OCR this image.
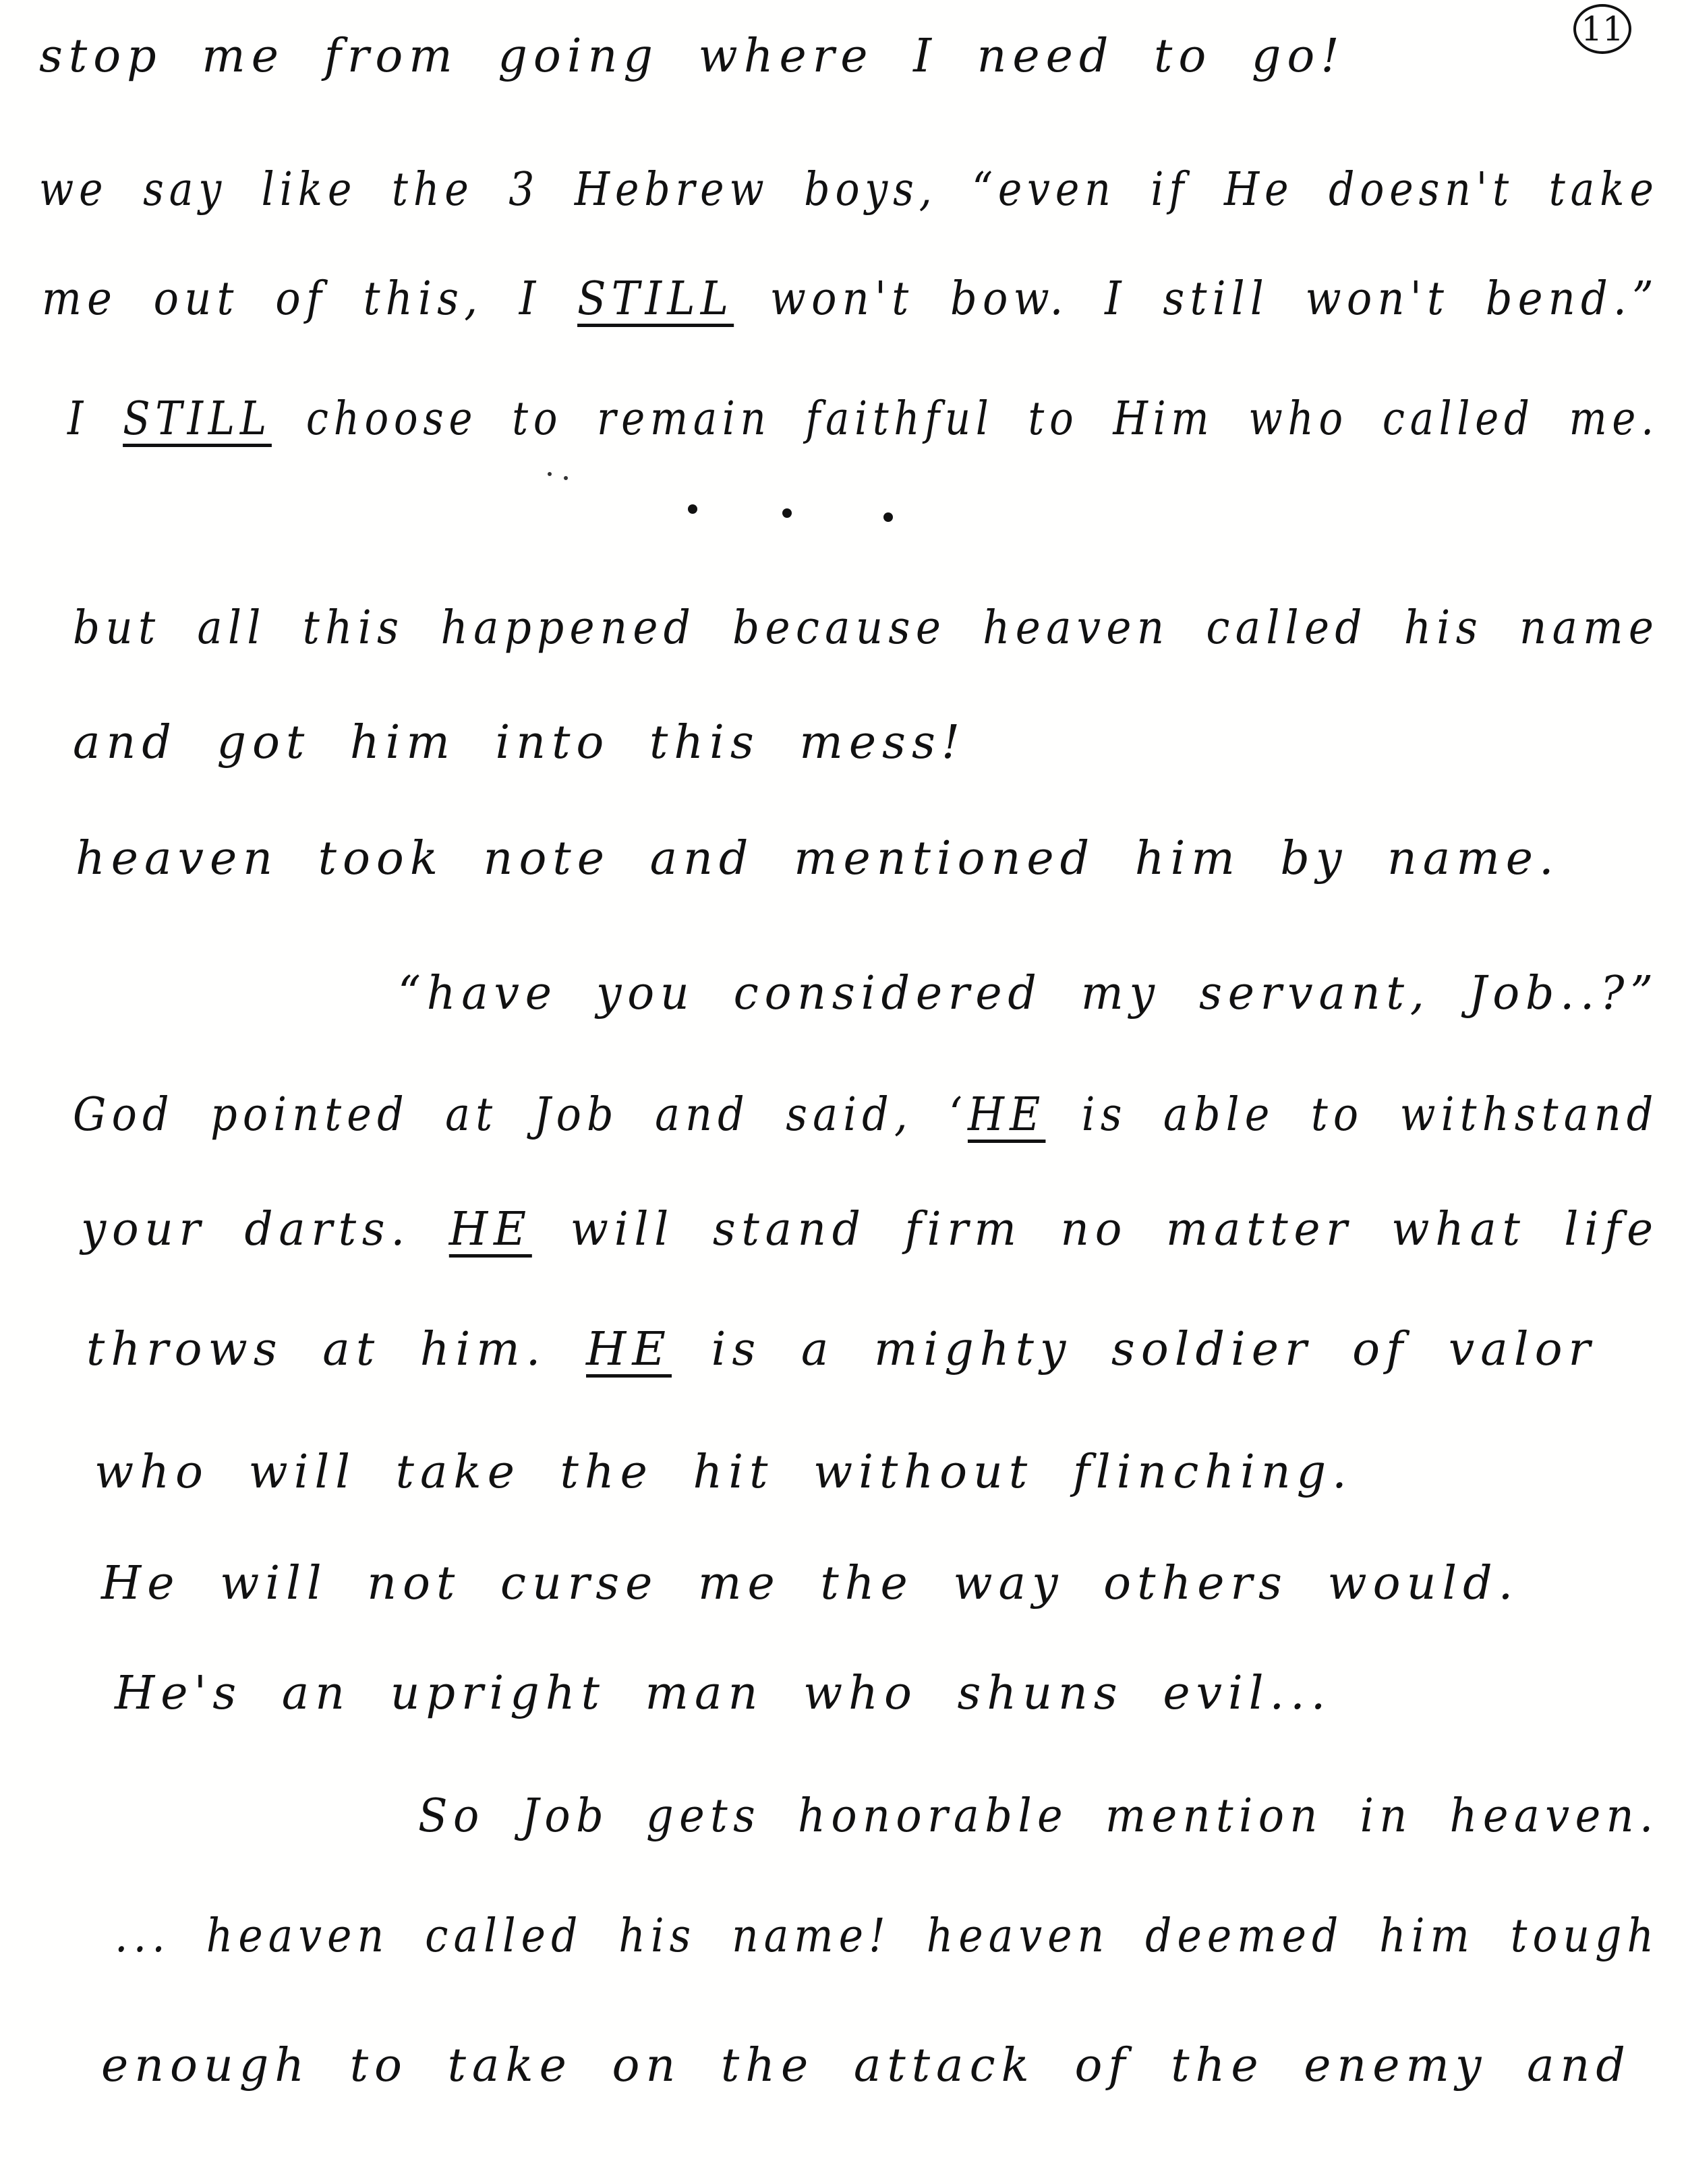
11
stop me from going where I need to go!
we say like the 3 Hebrew boys, “even if He doesn't take
me out of this, I STILL won't bow. I still won't bend.”
I STILL choose to remain faithful to Him who called me.
but all this happened because heaven called his name
and got him into this mess!
heaven took note and mentioned him by name.
“have you considered my servant, Job..?”
God pointed at Job and said, ‘HE is able to withstand
your darts. HE will stand firm no matter what life
throws at him. HE is a mighty soldier of valor
who will take the hit without flinching.
He will not curse me the way others would.
He's an upright man who shuns evil...
So Job gets honorable mention in heaven.
... heaven called his name! heaven deemed him tough
enough to take on the attack of the enemy and
